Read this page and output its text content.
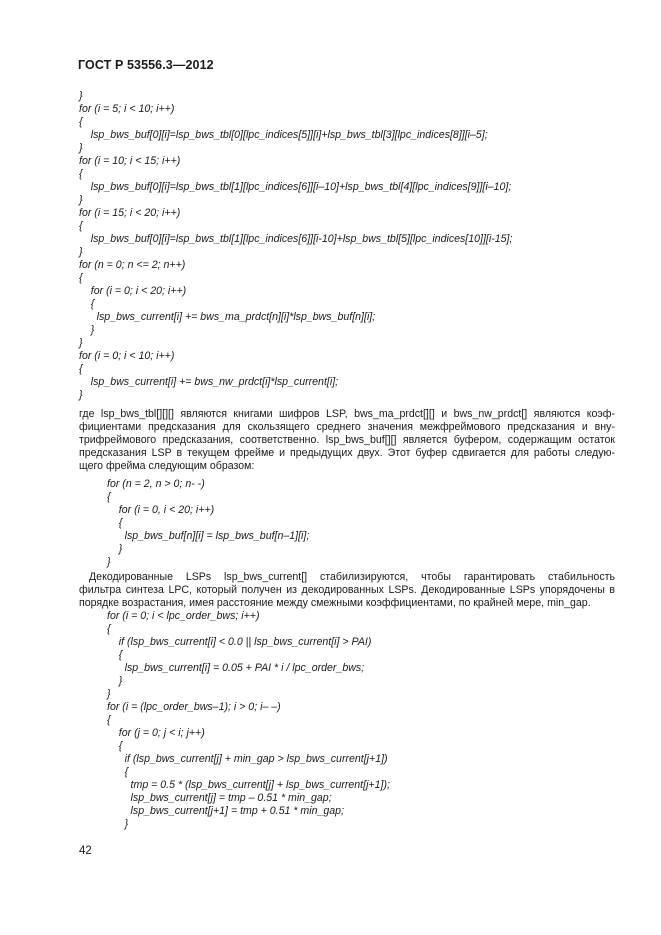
ГОСТ Р 53556.3—2012
}
for (i = 5; i < 10; i++)
{
lsp_bws_buf[0][i]=lsp_bws_tbl[0][lpc_indices[5]][i]+lsp_bws_tbl[3][lpc_indices[8]][i–5];
}
for (i = 10; i < 15; i++)
{
lsp_bws_buf[0][i]=lsp_bws_tbl[1][lpc_indices[6]][i–10]+lsp_bws_tbl[4][lpc_indices[9]][i–10];
}
for (i = 15; i < 20; i++)
{
lsp_bws_buf[0][i]=lsp_bws_tbl[1][lpc_indices[6]][i-10]+lsp_bws_tbl[5][lpc_indices[10]][i-15];
}
for (n = 0; n <= 2; n++)
{
for (i = 0; i < 20; i++)
{
lsp_bws_current[i] += bws_ma_prdct[n][i]*lsp_bws_buf[n][i];
}
}
for (i = 0; i < 10; i++)
{
lsp_bws_current[i] += bws_nw_prdct[i]*lsp_current[i];
}
где lsp_bws_tbl[][][] являются книгами шифров LSP, bws_ma_prdct[][] и bws_nw_prdct[] являются коэф-
фициентами предсказания для скользящего среднего значения межфреймового предсказания и вну-
трифреймового предсказания, соответственно. lsp_bws_buf[][] является буфером, содержащим остаток
предсказания LSP в текущем фрейме и предыдущих двух. Этот буфер сдвигается для работы следую-
щего фрейма следующим образом:
for (n = 2, n > 0; n- -)
{
for (i = 0, i < 20; i++)
{
lsp_bws_buf[n][i] = lsp_bws_buf[n–1][i];
}
}
Декодированные LSPs lsp_bws_current[] стабилизируются, чтобы гарантировать стабильность
фильтра синтеза LPC, который получен из декодированных LSPs. Декодированные LSPs упорядочены в
порядке возрастания, имея расстояние между смежными коэффициентами, по крайней мере, min_gap.
for (i = 0; i < lpc_order_bws; i++)
{
if (lsp_bws_current[i] < 0.0 || lsp_bws_current[i] > PAI)
{
lsp_bws_current[i] = 0.05 + PAI * i / lpc_order_bws;
}
}
for (i = (lpc_order_bws–1); i > 0; i– –)
{
for (j = 0; j < i; j++)
{
if (lsp_bws_current[j] + min_gap > lsp_bws_current[j+1])
{
tmp = 0.5 * (lsp_bws_current[j] + lsp_bws_current[j+1]);
lsp_bws_current[j] = tmp – 0.51 * min_gap;
lsp_bws_current[j+1] = tmp + 0.51 * min_gap;
}
42
